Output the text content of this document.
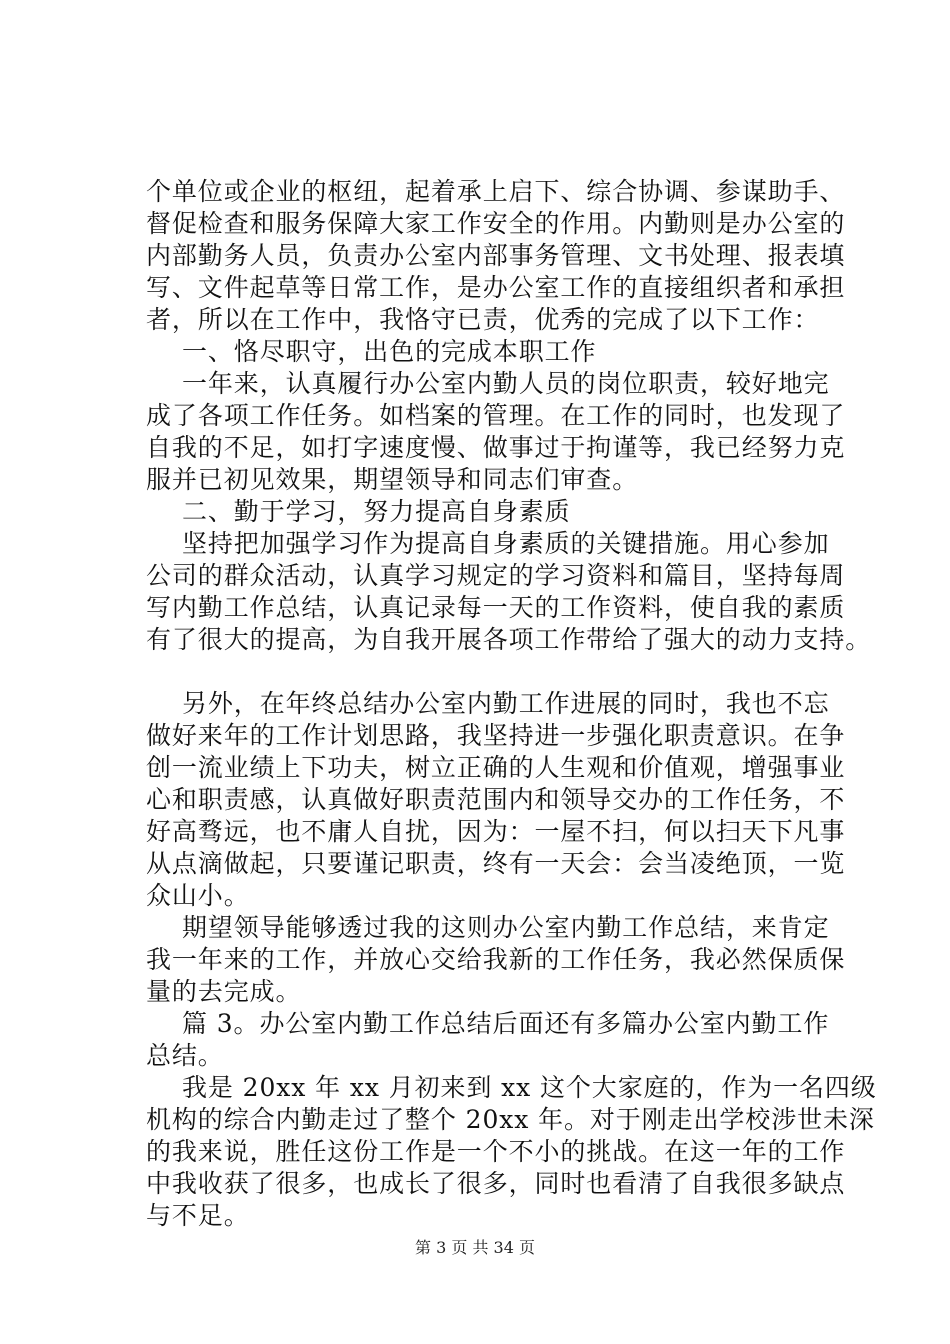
个单位或企业的枢纽，起着承上启下、综合协调、参谋助手、
督促检查和服务保障大家工作安全的作用。内勤则是办公室的
内部勤务人员，负责办公室内部事务管理、文书处理、报表填
写、文件起草等日常工作，是办公室工作的直接组织者和承担
者，所以在工作中，我恪守已责，优秀的完成了以下工作：
一、恪尽职守，出色的完成本职工作
一年来，认真履行办公室内勤人员的岗位职责，较好地完
成了各项工作任务。如档案的管理。在工作的同时，也发现了
自我的不足，如打字速度慢、做事过于拘谨等，我已经努力克
服并已初见效果，期望领导和同志们审查。
二、勤于学习，努力提高自身素质
坚持把加强学习作为提高自身素质的关键措施。用心参加
公司的群众活动，认真学习规定的学习资料和篇目，坚持每周
写内勤工作总结，认真记录每一天的工作资料，使自我的素质
有了很大的提高，为自我开展各项工作带给了强大的动力支持。
另外，在年终总结办公室内勤工作进展的同时，我也不忘
做好来年的工作计划思路，我坚持进一步强化职责意识。在争
创一流业绩上下功夫，树立正确的人生观和价值观，增强事业
心和职责感，认真做好职责范围内和领导交办的工作任务，不
好高骛远，也不庸人自扰，因为：一屋不扫，何以扫天下凡事
从点滴做起，只要谨记职责，终有一天会：会当凌绝顶，一览
众山小。
期望领导能够透过我的这则办公室内勤工作总结，来肯定
我一年来的工作，并放心交给我新的工作任务，我必然保质保
量的去完成。
篇 3。办公室内勤工作总结后面还有多篇办公室内勤工作
总结。
我是 20xx 年 xx 月初来到 xx 这个大家庭的，作为一名四级
机构的综合内勤走过了整个 20xx 年。对于刚走出学校涉世未深
的我来说，胜任这份工作是一个不小的挑战。在这一年的工作
中我收获了很多，也成长了很多，同时也看清了自我很多缺点
与不足。
第 3 页 共 34 页
